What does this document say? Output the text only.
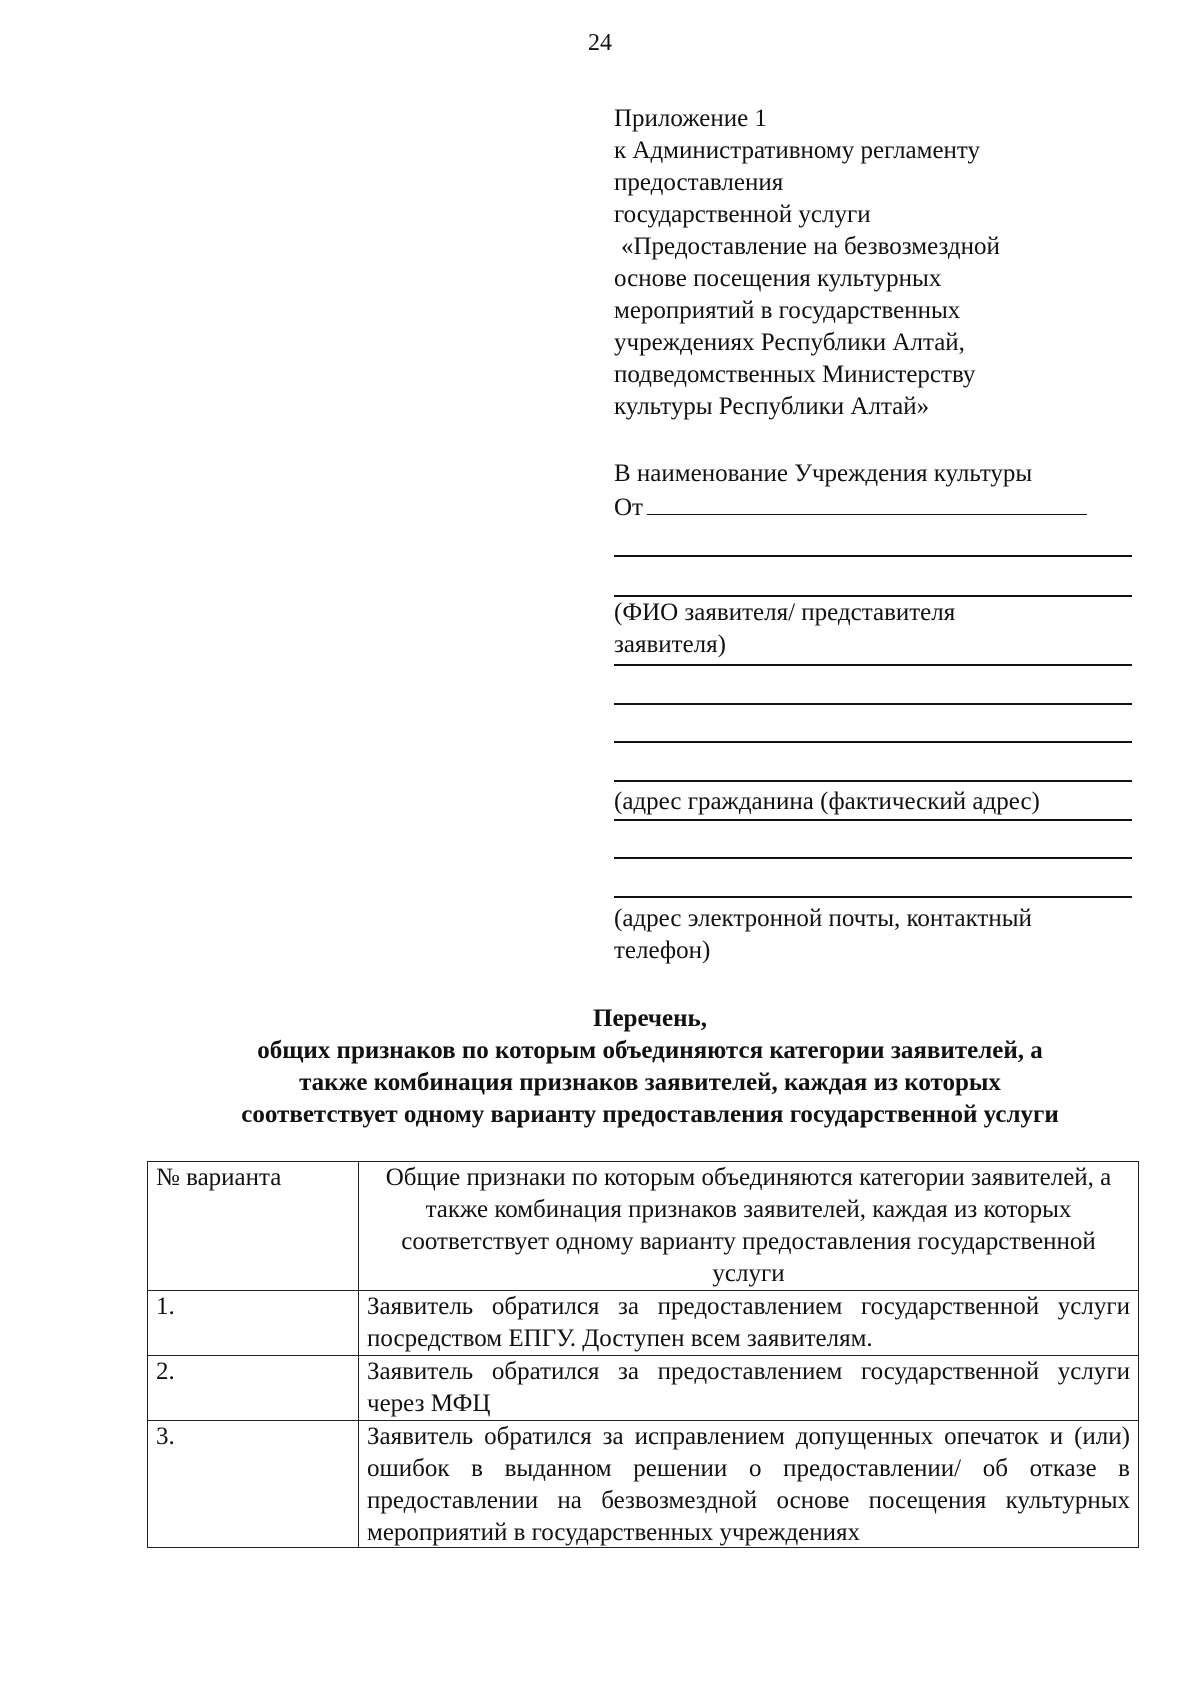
24
Приложение 1
к Административному регламенту
предоставления
государственной услуги
«Предоставление на безвозмездной
основе посещения культурных
мероприятий в государственных
учреждениях Республики Алтай,
подведомственных Министерству
культуры Республики Алтай»
В наименование Учреждения культуры
От
(ФИО заявителя/ представителя
заявителя)
(адрес гражданина (фактический адрес)
(адрес электронной почты, контактный
телефон)
Перечень,
общих признаков по которым объединяются категории заявителей, а
также комбинация признаков заявителей, каждая из которых
соответствует одному варианту предоставления государственной услуги
№ варианта	Общие признаки по которым объединяются категории заявителей, а также комбинация признаков заявителей, каждая из которых соответствует одному варианту предоставления государственной услуги
1.	Заявитель обратился за предоставлением государственной услуги посредством ЕПГУ. Доступен всем заявителям.
2.	Заявитель обратился за предоставлением государственной услуги через МФЦ
3.	Заявитель обратился за исправлением допущенных опечаток и (или) ошибок в выданном решении о предоставлении/ об отказе в предоставлении на безвозмездной основе посещения культурных мероприятий в государственных учреждениях
